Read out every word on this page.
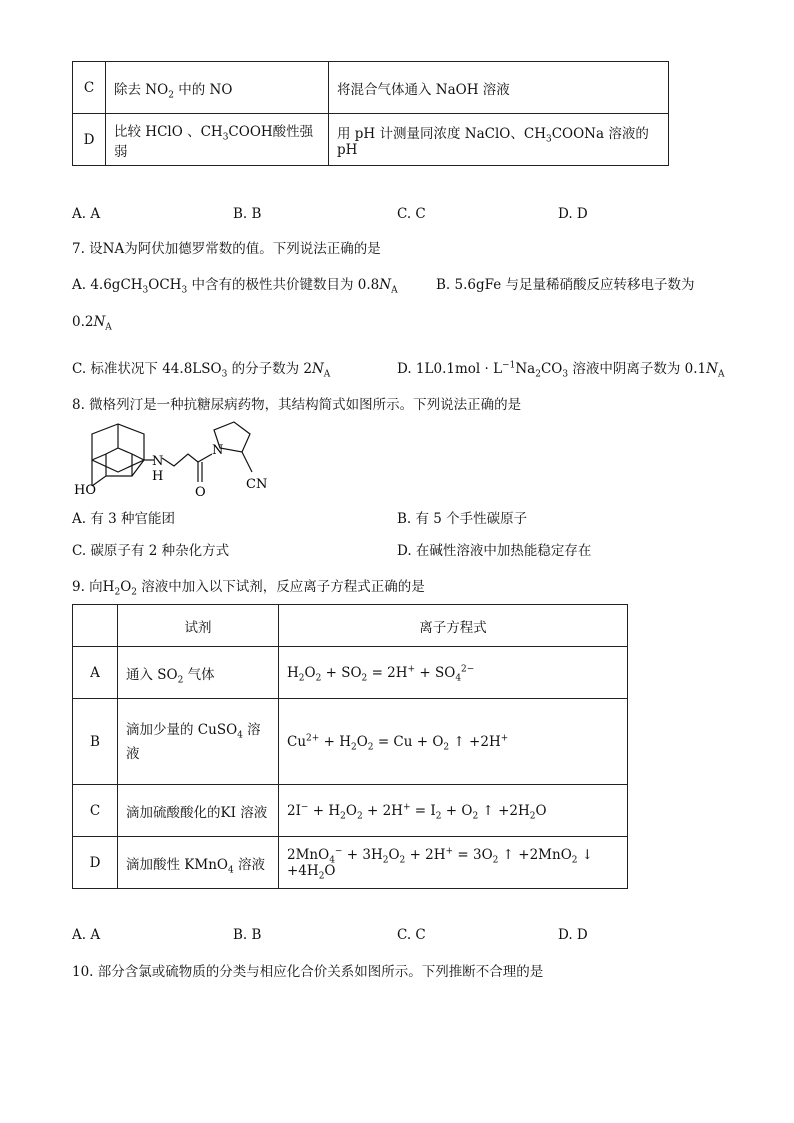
C	除去 $NO_2$ 中的 NO	将混合气体通入 NaOH 溶液
D	比较 HClO 、$CH_3COOH$酸性强弱	用 pH 计测量同浓度 NaClO、$CH_3COONa$ 溶液的 pH
A. A	B. B	C. C	D. D
7. 设NA为阿伏加德罗常数的值。下列说法正确的是
A. $4.6gCH_3OCH_3$ 中含有的极性共价键数目为 $0.8N_A$	B. 5.6gFe 与足量稀硝酸反应转移电子数为
$0.2N_A$
C. 标准状况下 $44.8LSO_3$ 的分子数为 $2N_A$	D. $1L0.1mol \cdot L^{-1}Na_2CO_3$ 溶液中阴离子数为 $0.1N_A$
8. 微格列汀是一种抗糖尿病药物，其结构简式如图所示。下列说法正确的是
N
H
HO	O
N
CN
A. 有 3 种官能团	B. 有 5 个手性碳原子
C. 碳原子有 2 种杂化方式	D. 在碱性溶液中加热能稳定存在
9. 向$H_2O_2$ 溶液中加入以下试剂，反应离子方程式正确的是
	试剂	离子方程式
A	通入 $SO_2$ 气体	$H_2O_2 + SO_2 = 2H^+ + SO_4^{2-}$
B	滴加少量的 CuSO$_4$ 溶液	$Cu^{2+} + H_2O_2 = Cu + O_2$ ↑ +2H+
C	滴加硫酸酸化的KI 溶液	$2I^- + H_2O_2 + 2H^+ = I_2 + O_2$ ↑ $+2H_2O$
D	滴加酸性 KMnO$_4$ 溶液	$2MnO_4^- + 3H_2O_2 + 2H^+ = 3O_2$ ↑ +2MnO$_2$ ↓ $+4H_2O$
A. A	B. B	C. C	D. D
10. 部分含氯或硫物质的分类与相应化合价关系如图所示。下列推断不合理的是
